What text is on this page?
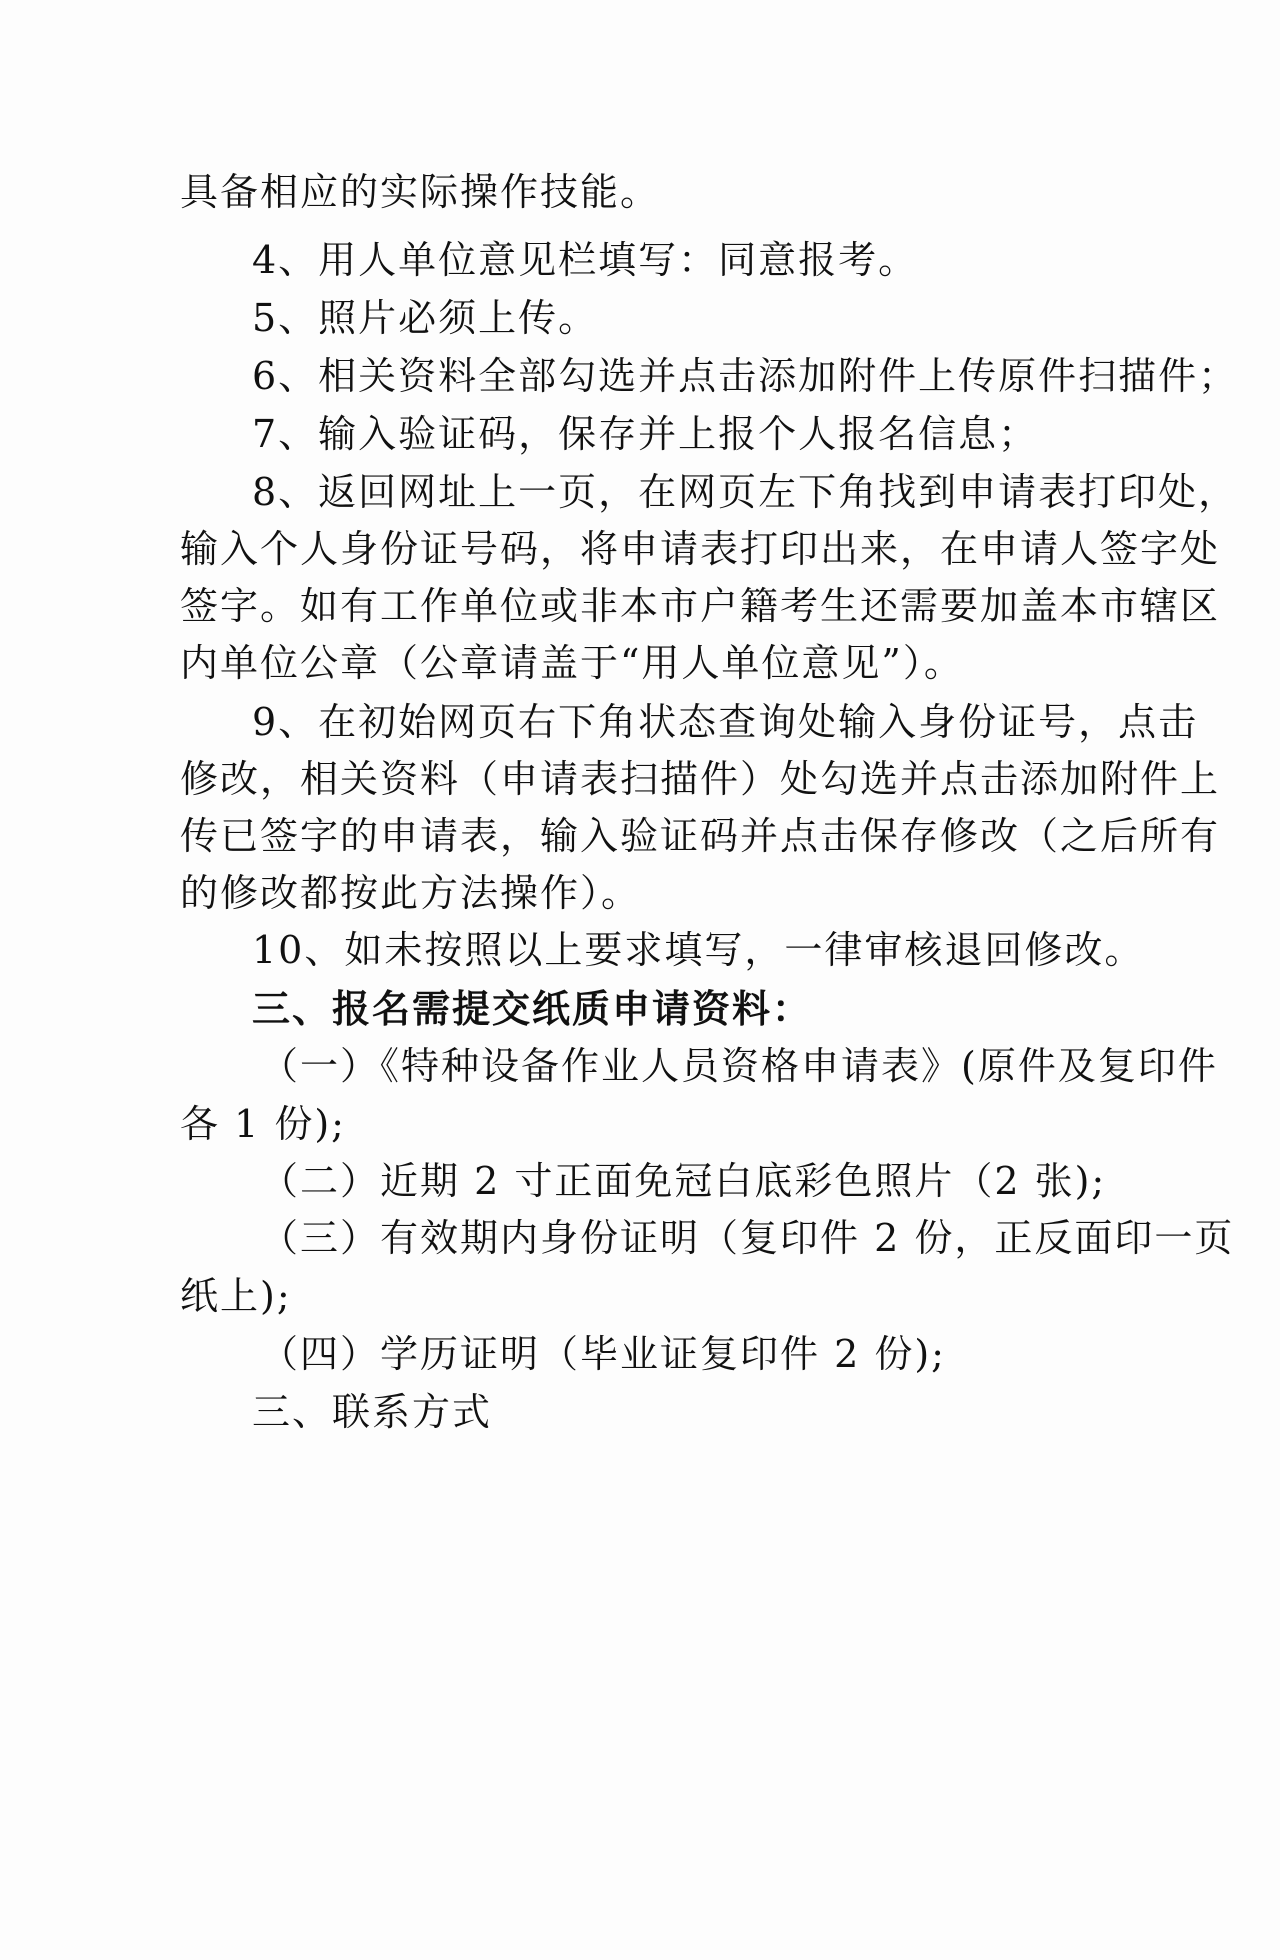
具备相应的实际操作技能。
4、用人单位意见栏填写：同意报考。
5、照片必须上传。
6、相关资料全部勾选并点击添加附件上传原件扫描件；
7、输入验证码，保存并上报个人报名信息；
8、返回网址上一页，在网页左下角找到申请表打印处，
输入个人身份证号码，将申请表打印出来，在申请人签字处
签字。如有工作单位或非本市户籍考生还需要加盖本市辖区
内单位公章（公章请盖于“用人单位意见”）。
9、在初始网页右下角状态查询处输入身份证号，点击
修改，相关资料（申请表扫描件）处勾选并点击添加附件上
传已签字的申请表，输入验证码并点击保存修改（之后所有
的修改都按此方法操作）。
10、如未按照以上要求填写，一律审核退回修改。
三、报名需提交纸质申请资料：
（一）《特种设备作业人员资格申请表》(原件及复印件
各 1 份);
（二）近期 2 寸正面免冠白底彩色照片（2 张);
（三）有效期内身份证明（复印件 2 份，正反面印一页
纸上);
（四）学历证明（毕业证复印件 2 份);
三、联系方式
